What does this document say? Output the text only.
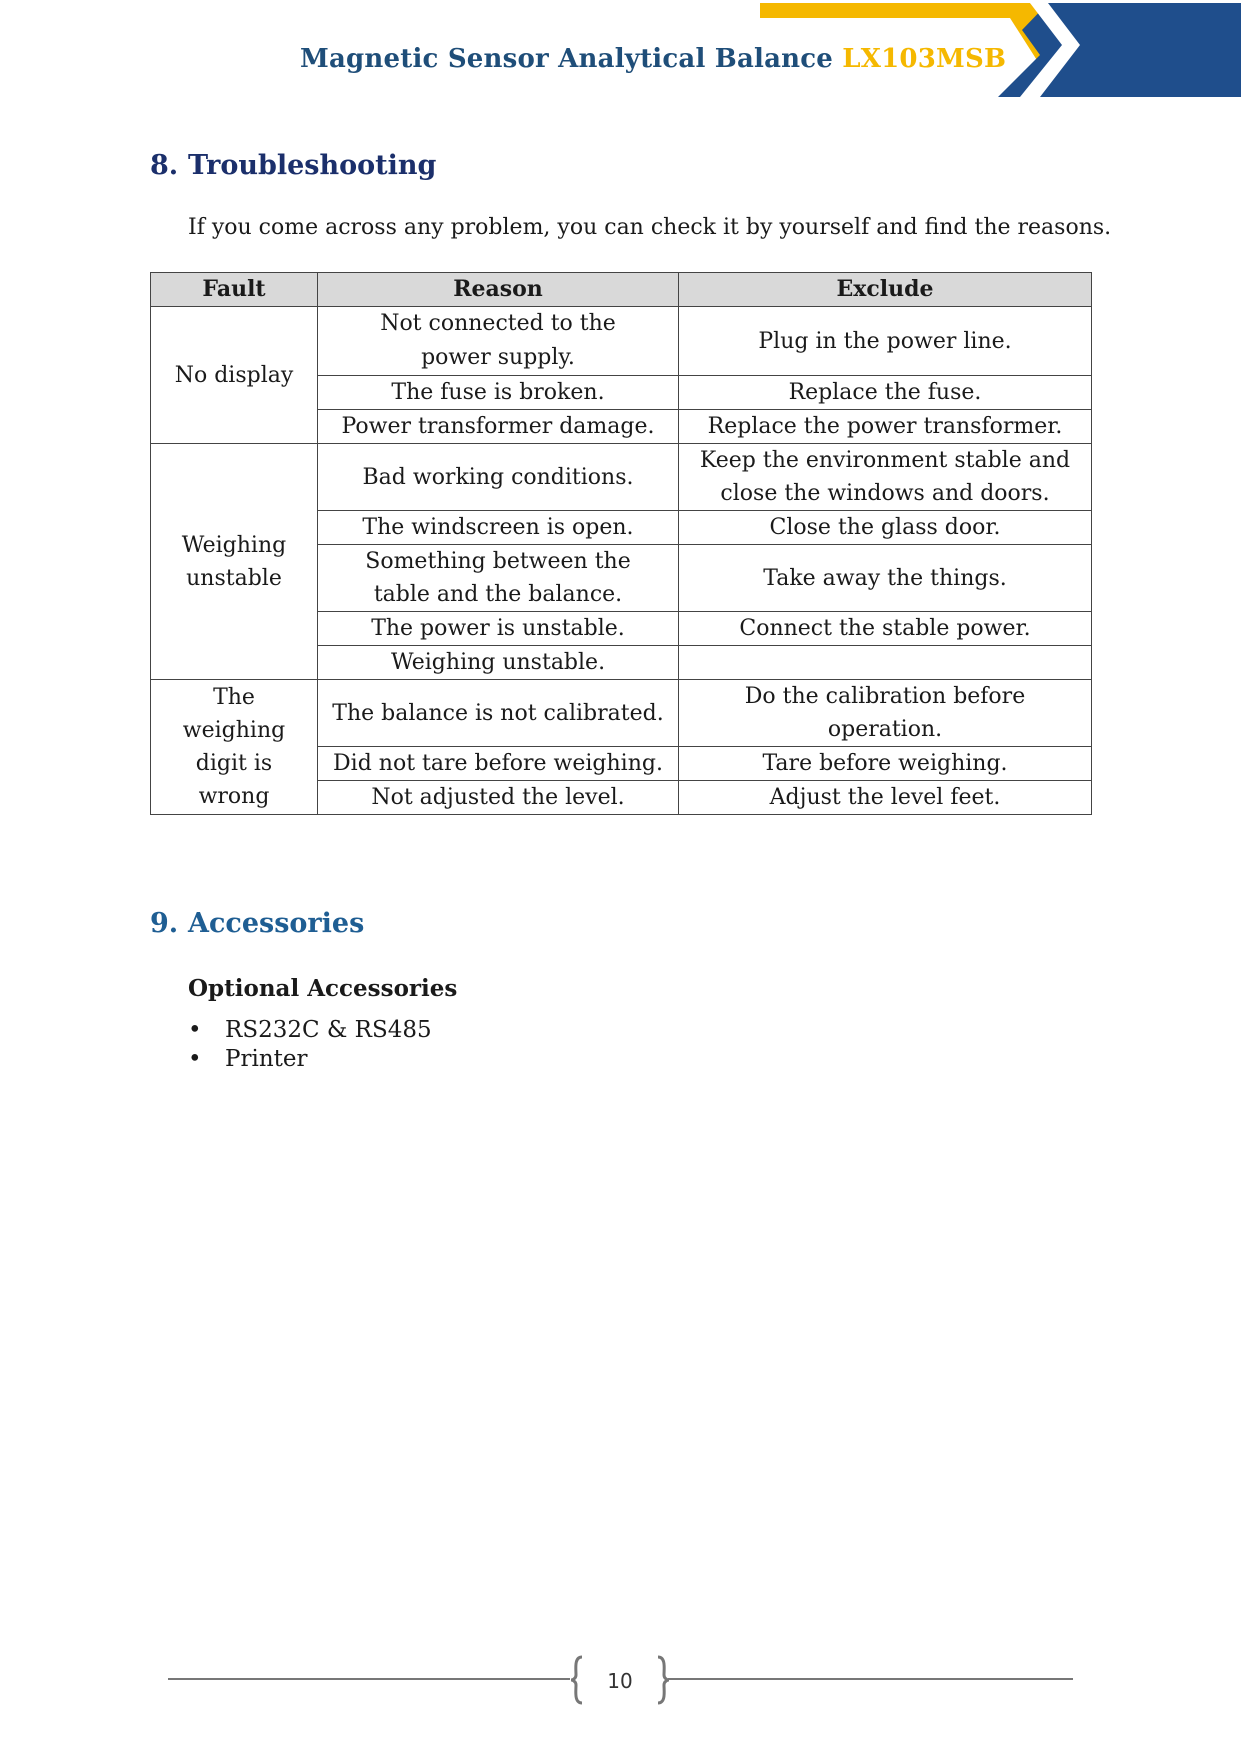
Magnetic Sensor Analytical Balance LX103MSB
8. Troubleshooting
If you come across any problem, you can check it by yourself and find the reasons.
Fault	Reason	Exclude
No display	Not connected to the power supply.	Plug in the power line.
	The fuse is broken.	Replace the fuse.
	Power transformer damage.	Replace the power transformer.
Weighing unstable	Bad working conditions.	Keep the environment stable and close the windows and doors.
	The windscreen is open.	Close the glass door.
	Something between the table and the balance.	Take away the things.
	The power is unstable.	Connect the stable power.
	Weighing unstable.	
The weighing digit is wrong	The balance is not calibrated.	Do the calibration before operation.
	Did not tare before weighing.	Tare before weighing.
	Not adjusted the level.	Adjust the level feet.
9. Accessories
Optional Accessories
• RS232C & RS485
• Printer
10
